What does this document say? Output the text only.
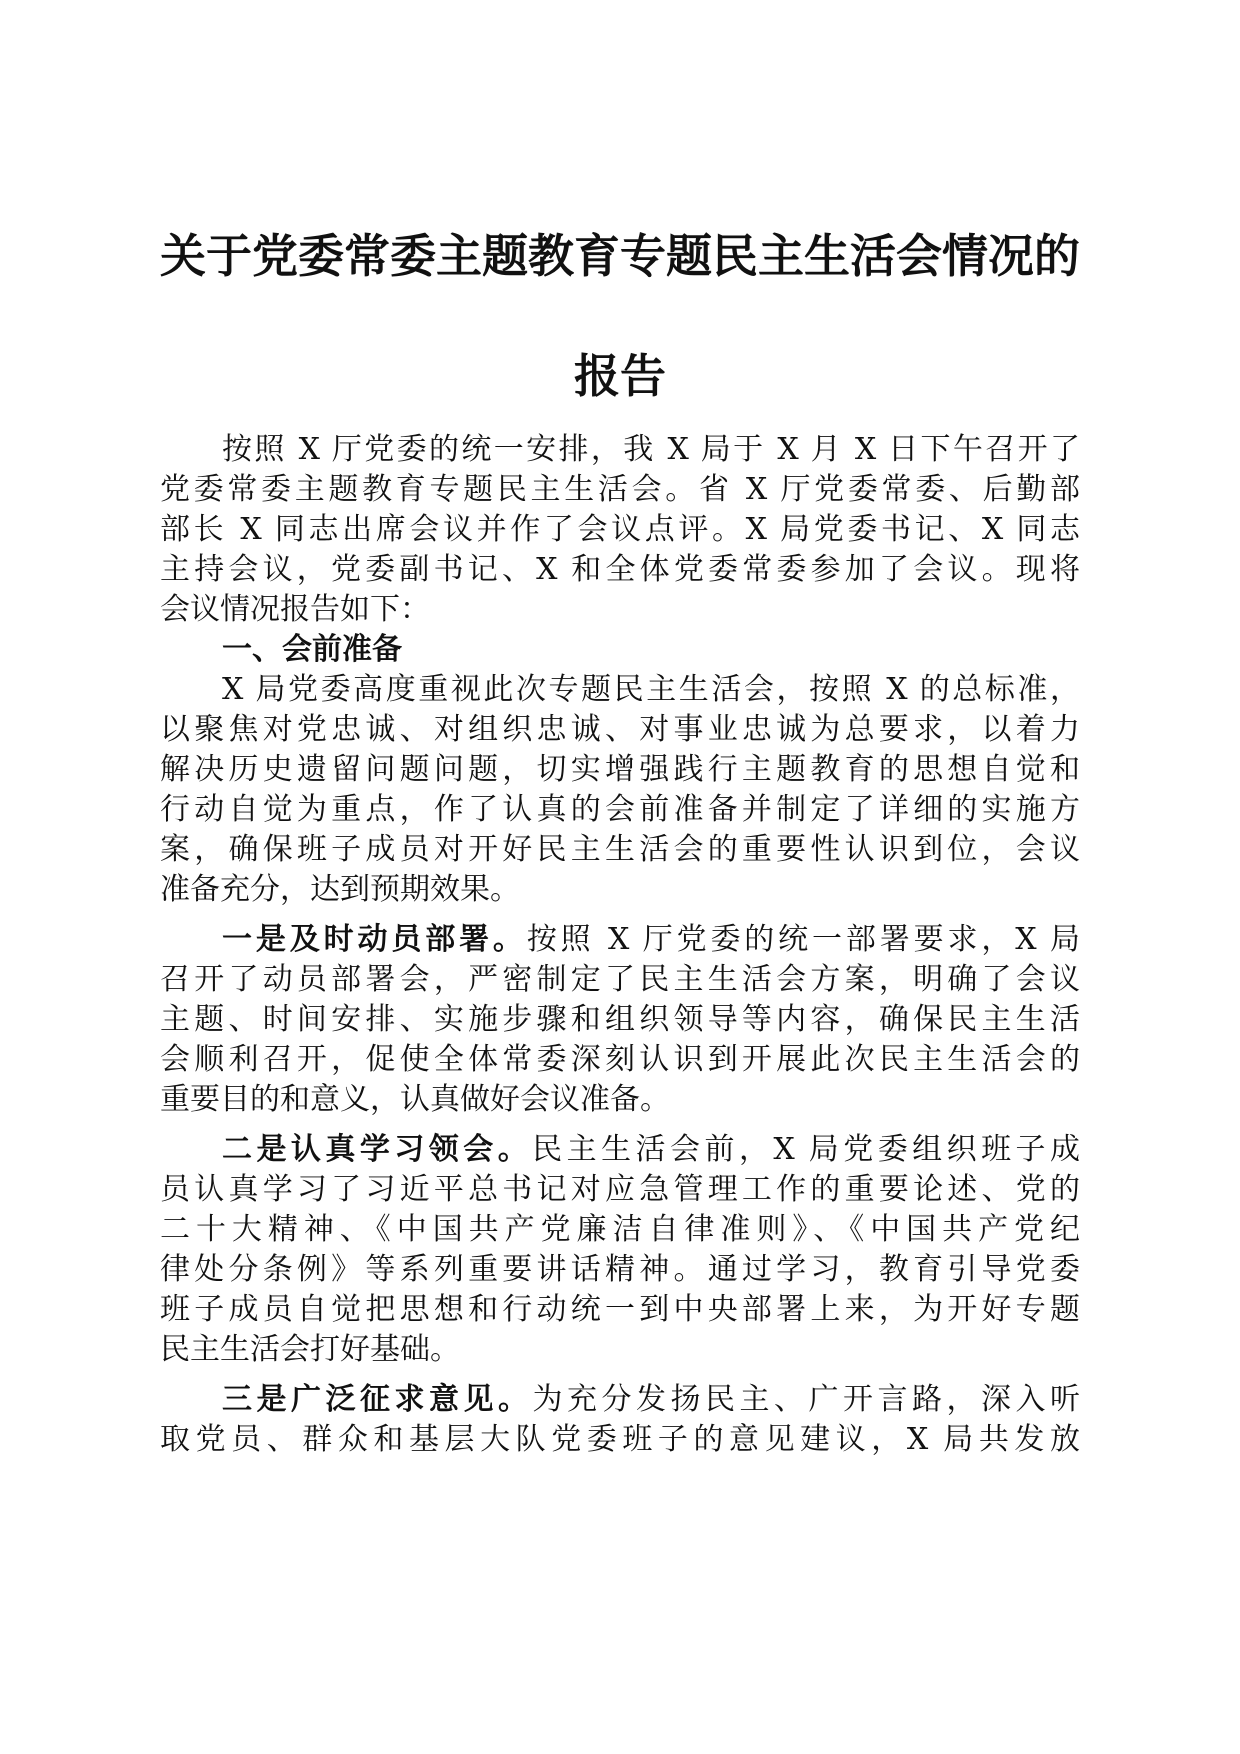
关于党委常委主题教育专题民主生活会情况的
报告
按照 X 厅党委的统一安排，我 X 局于 X 月 X 日下午召开了
党委常委主题教育专题民主生活会。省 X 厅党委常委、后勤部
部长 X 同志出席会议并作了会议点评。X 局党委书记、X 同志
主持会议，党委副书记、X 和全体党委常委参加了会议。现将
会议情况报告如下：
一、会前准备
X 局党委高度重视此次专题民主生活会，按照 X 的总标准，
以聚焦对党忠诚、对组织忠诚、对事业忠诚为总要求，以着力
解决历史遗留问题问题，切实增强践行主题教育的思想自觉和
行动自觉为重点，作了认真的会前准备并制定了详细的实施方
案，确保班子成员对开好民主生活会的重要性认识到位，会议
准备充分，达到预期效果。
一是及时动员部署。按照 X 厅党委的统一部署要求，X 局
召开了动员部署会，严密制定了民主生活会方案，明确了会议
主题、时间安排、实施步骤和组织领导等内容，确保民主生活
会顺利召开，促使全体常委深刻认识到开展此次民主生活会的
重要目的和意义，认真做好会议准备。
二是认真学习领会。民主生活会前，X 局党委组织班子成
员认真学习了习近平总书记对应急管理工作的重要论述、党的
二十大精神、《中国共产党廉洁自律准则》、《中国共产党纪
律处分条例》等系列重要讲话精神。通过学习，教育引导党委
班子成员自觉把思想和行动统一到中央部署上来，为开好专题
民主生活会打好基础。
三是广泛征求意见。为充分发扬民主、广开言路，深入听
取党员、群众和基层大队党委班子的意见建议，X 局共发放
